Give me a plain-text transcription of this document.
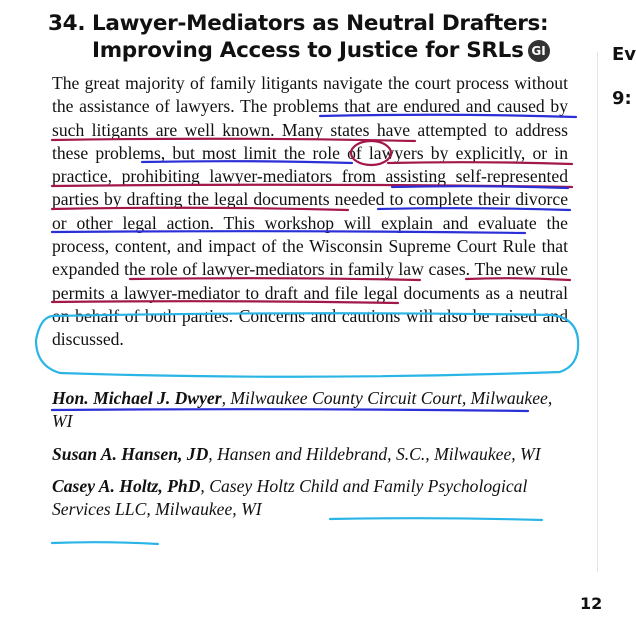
34. Lawyer-Mediators as Neutral Drafters:
Improving Access to Justice for SRLs GI

The great majority of family litigants navigate the court process without the assistance of lawyers. The problems that are endured and caused by such litigants are well known. Many states have attempted to address these problems, but most limit the role of lawyers by explicitly, or in practice, prohibiting lawyer-mediators from assisting self-represented parties by drafting the legal documents needed to complete their divorce or other legal action. This workshop will explain and evaluate the process, content, and impact of the Wisconsin Supreme Court Rule that expanded the role of lawyer-mediators in family law cases. The new rule permits a lawyer-mediator to draft and file legal documents as a neutral on behalf of both parties. Concerns and cautions will also be raised and discussed.

Hon. Michael J. Dwyer, Milwaukee County Circuit Court, Milwaukee, WI
Susan A. Hansen, JD, Hansen and Hildebrand, S.C., Milwaukee, WI
Casey A. Holtz, PhD, Casey Holtz Child and Family Psychological Services LLC, Milwaukee, WI
Ev
9:
12
